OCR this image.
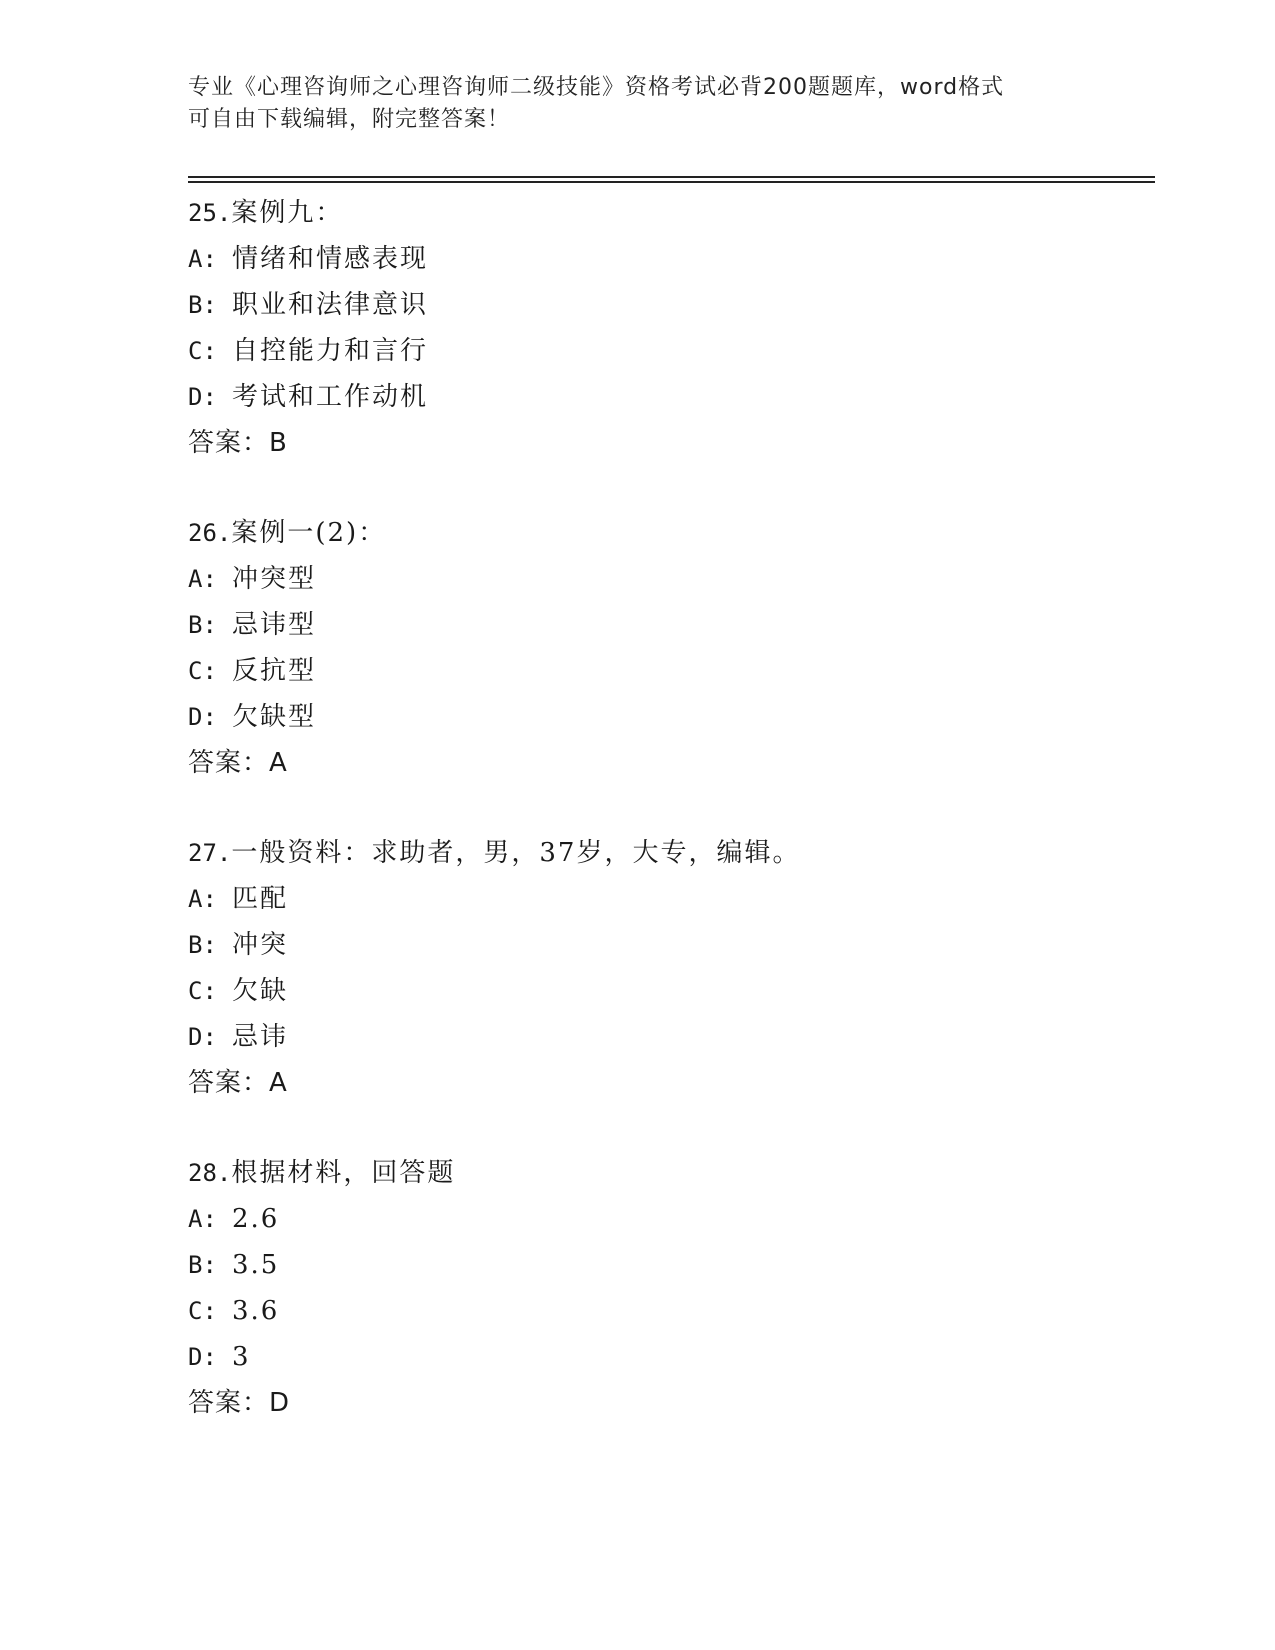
专业《心理咨询师之心理咨询师二级技能》资格考试必背200题题库，word格式
可自由下载编辑，附完整答案！
25.案例九：
A: 情绪和情感表现
B: 职业和法律意识
C: 自控能力和言行
D: 考试和工作动机
答案：B
26.案例一(2)：
A: 冲突型
B: 忌讳型
C: 反抗型
D: 欠缺型
答案：A
27.一般资料：求助者，男，37岁，大专，编辑。
A: 匹配
B: 冲突
C: 欠缺
D: 忌讳
答案：A
28.根据材料，回答题
A: 2.6
B: 3.5
C: 3.6
D: 3
答案：D
